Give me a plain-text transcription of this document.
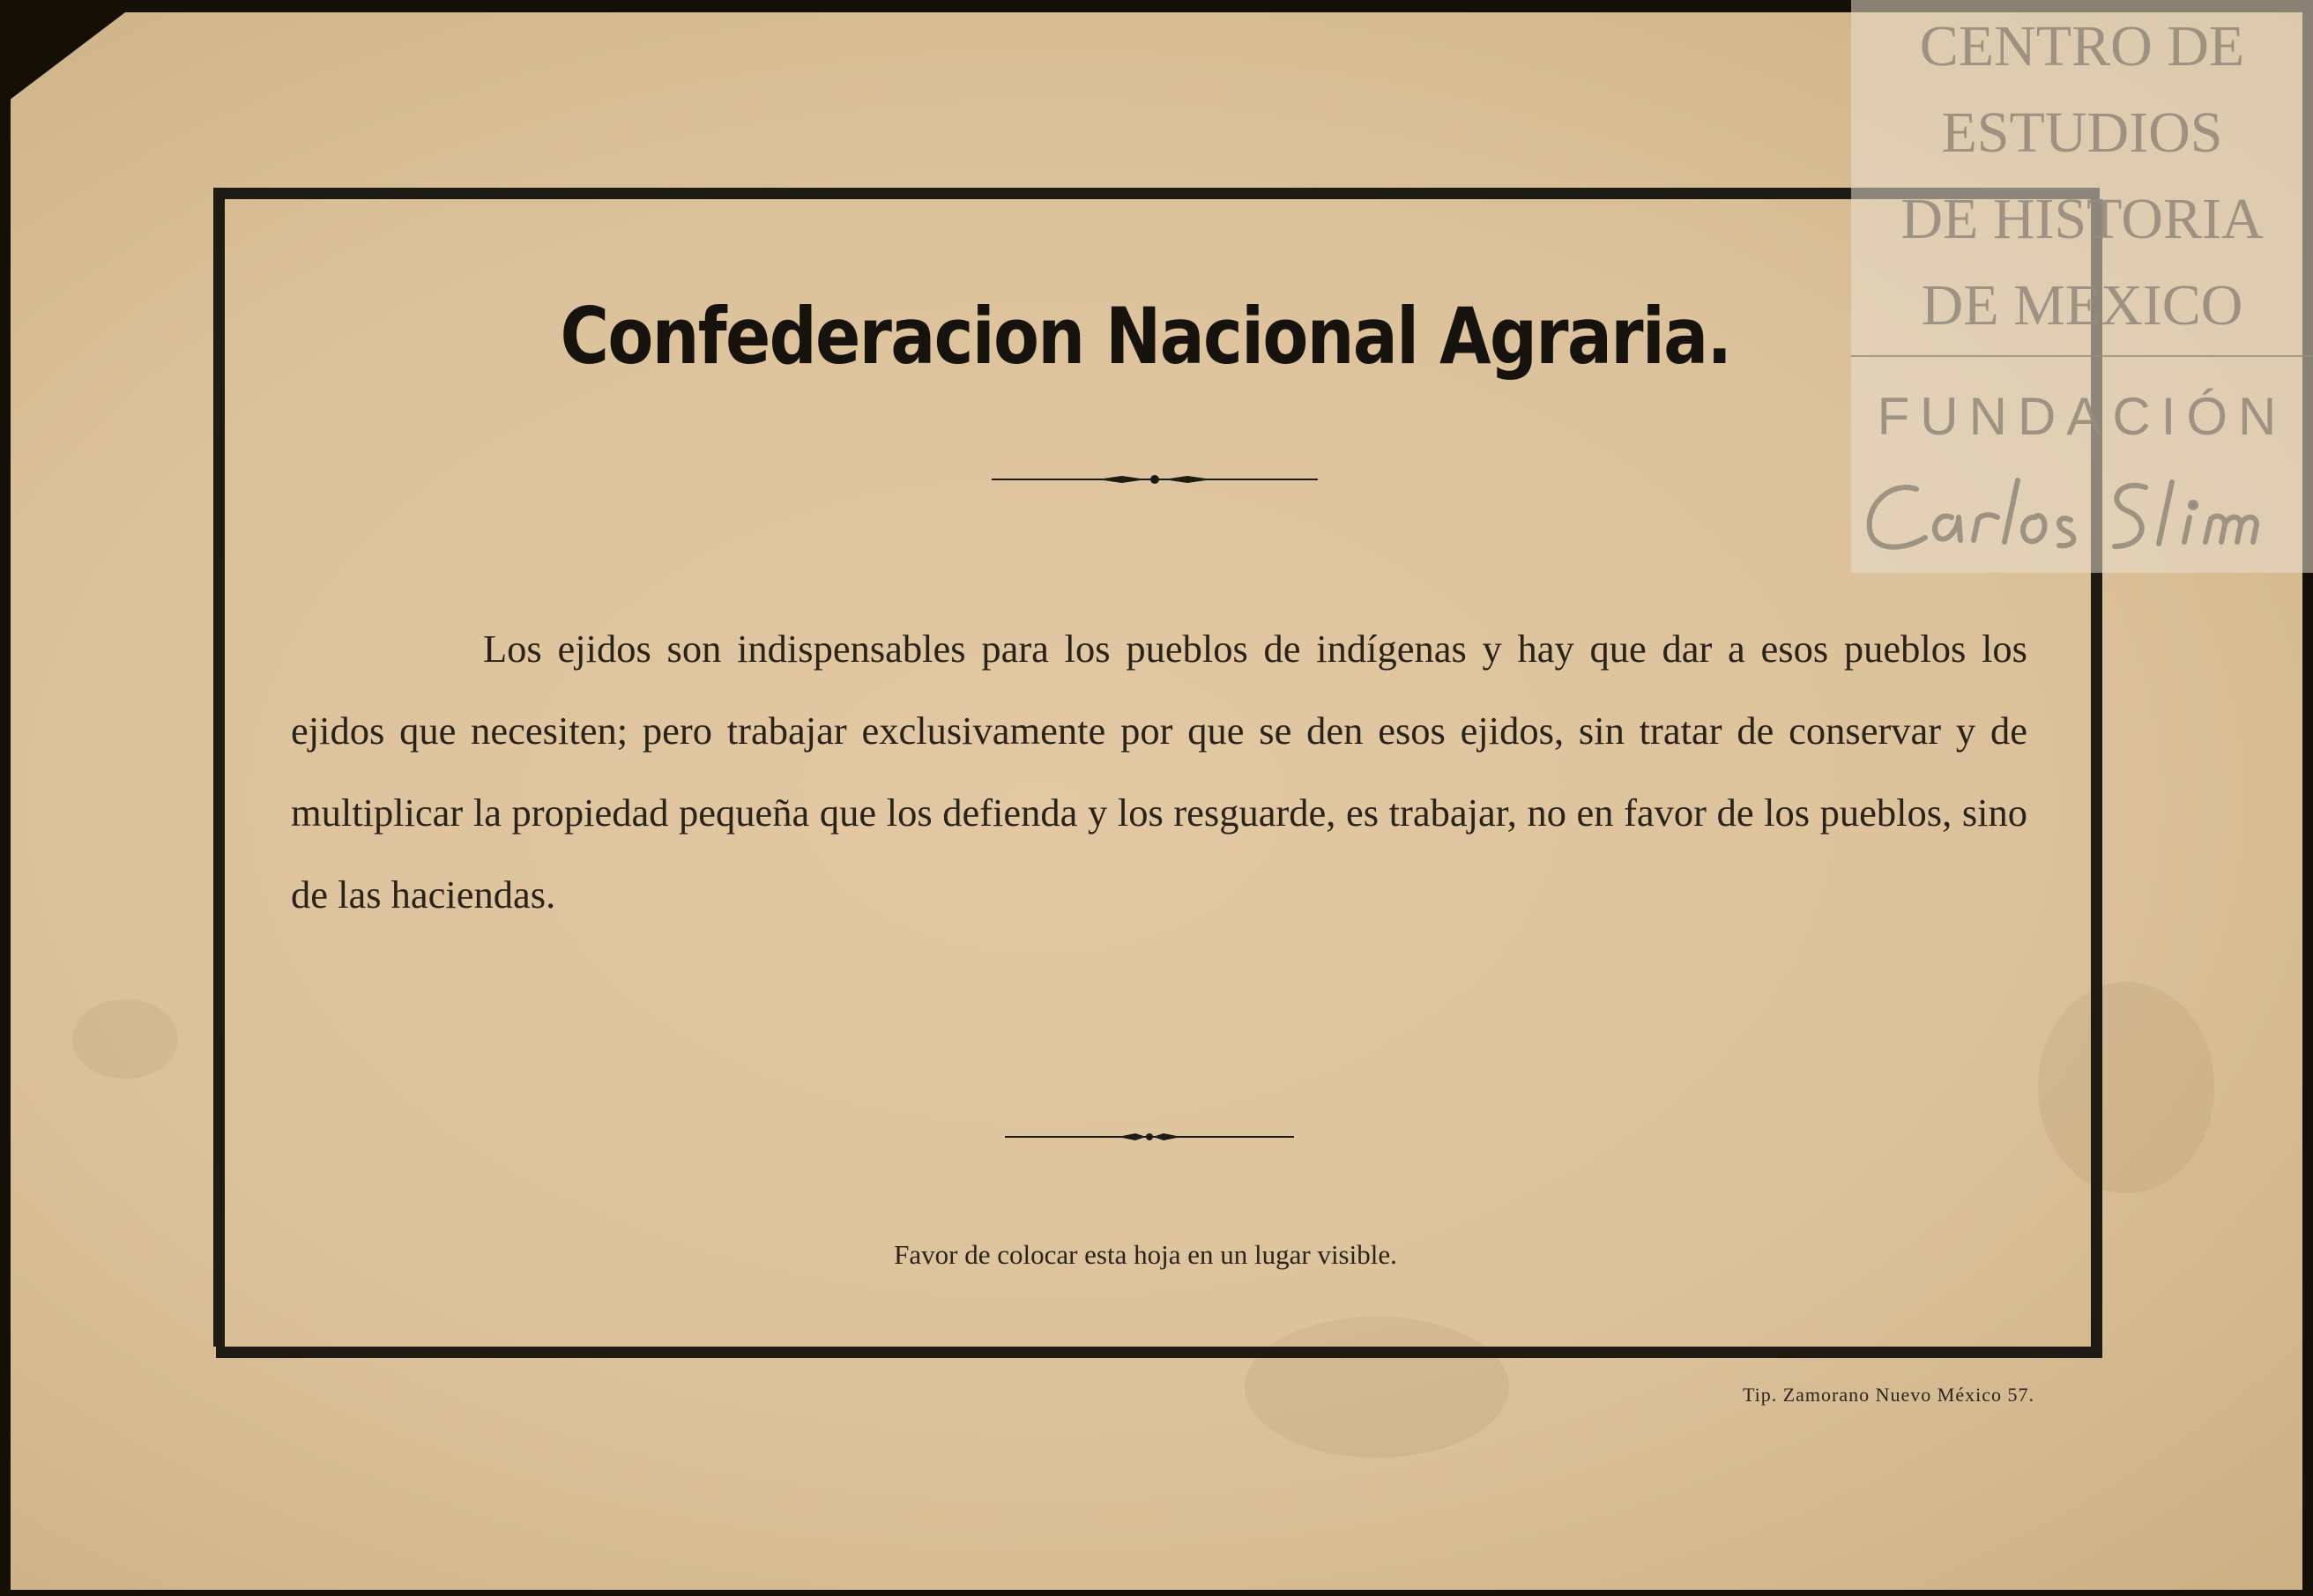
Confederacion Nacional Agraria.

Los ejidos son indispensables para los pueblos de indígenas y hay que dar a esos pueblos los ejidos que necesiten; pero trabajar exclusivamente por que se den esos ejidos, sin tratar de conservar y de multiplicar la propiedad pequeña que los defienda y los resguarde, es trabajar, no en favor de los pueblos, sino de las haciendas.

Favor de colocar esta hoja en un lugar visible.

Tip. Zamorano Nuevo México 57.

CENTRO DE

ESTUDIOS

DE HISTORIA

DE MEXICO

FUNDACIÓN
